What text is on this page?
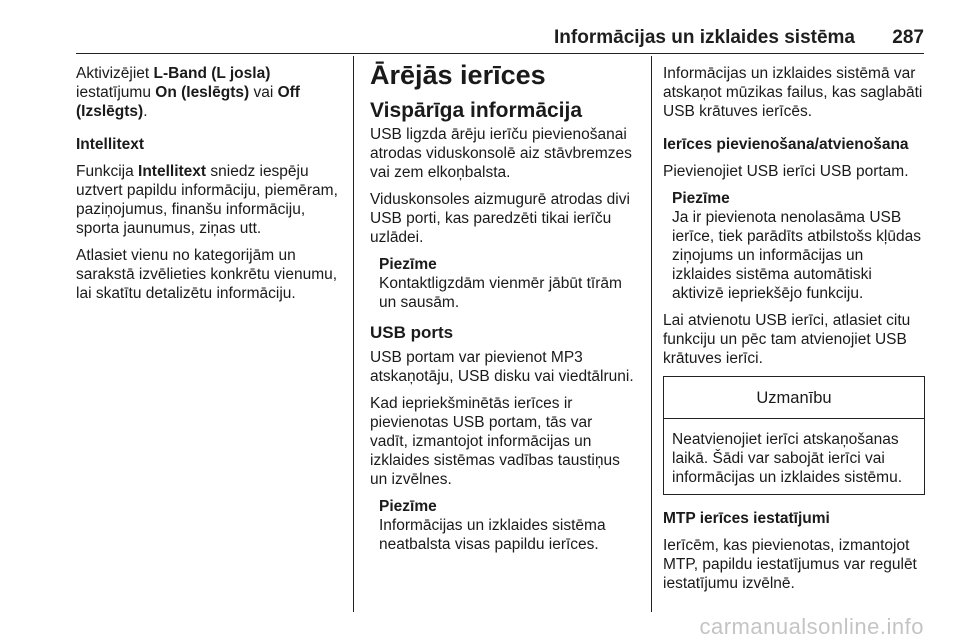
Informācijas un izklaides sistēma 287

Aktivizējiet L-Band (L josla) iestatījumu On (Ieslēgts) vai Off (Izslēgts).

Intellitext

Funkcija Intellitext sniedz iespēju uztvert papildu informāciju, piemēram, paziņojumus, finanšu informāciju, sporta jaunumus, ziņas utt.

Atlasiet vienu no kategorijām un sarakstā izvēlieties konkrētu vienumu, lai skatītu detalizētu informāciju.

Ārējās ierīces
Vispārīga informācija

USB ligzda ārēju ierīču pievienošanai atrodas viduskonsolē aiz stāvbremzes vai zem elkoņbalsta.

Viduskonsoles aizmugurē atrodas divi USB porti, kas paredzēti tikai ierīču uzlādei.

Piezīme
Kontaktligzdām vienmēr jābūt tīrām un sausām.
USB ports

USB portam var pievienot MP3 atskaņotāju, USB disku vai viedtālruni.

Kad iepriekšminētās ierīces ir pievienotas USB portam, tās var vadīt, izmantojot informācijas un izklaides sistēmas vadības taustiņus un izvēlnes.

Piezīme
Informācijas un izklaides sistēma neatbalsta visas papildu ierīces.

Informācijas un izklaides sistēmā var atskaņot mūzikas failus, kas saglabāti USB krātuves ierīcēs.

Ierīces pievienošana/atvienošana

Pievienojiet USB ierīci USB portam.

Piezīme
Ja ir pievienota nenolasāma USB ierīce, tiek parādīts atbilstošs kļūdas ziņojums un informācijas un izklaides sistēma automātiski aktivizē iepriekšējo funkciju.

Lai atvienotu USB ierīci, atlasiet citu funkciju un pēc tam atvienojiet USB krātuves ierīci.

Uzmanību
Neatvienojiet ierīci atskaņošanas laikā. Šādi var sabojāt ierīci vai informācijas un izklaides sistēmu.

MTP ierīces iestatījumi

Ierīcēm, kas pievienotas, izmantojot MTP, papildu iestatījumus var regulēt iestatījumu izvēlnē.

carmanualsonline.info
